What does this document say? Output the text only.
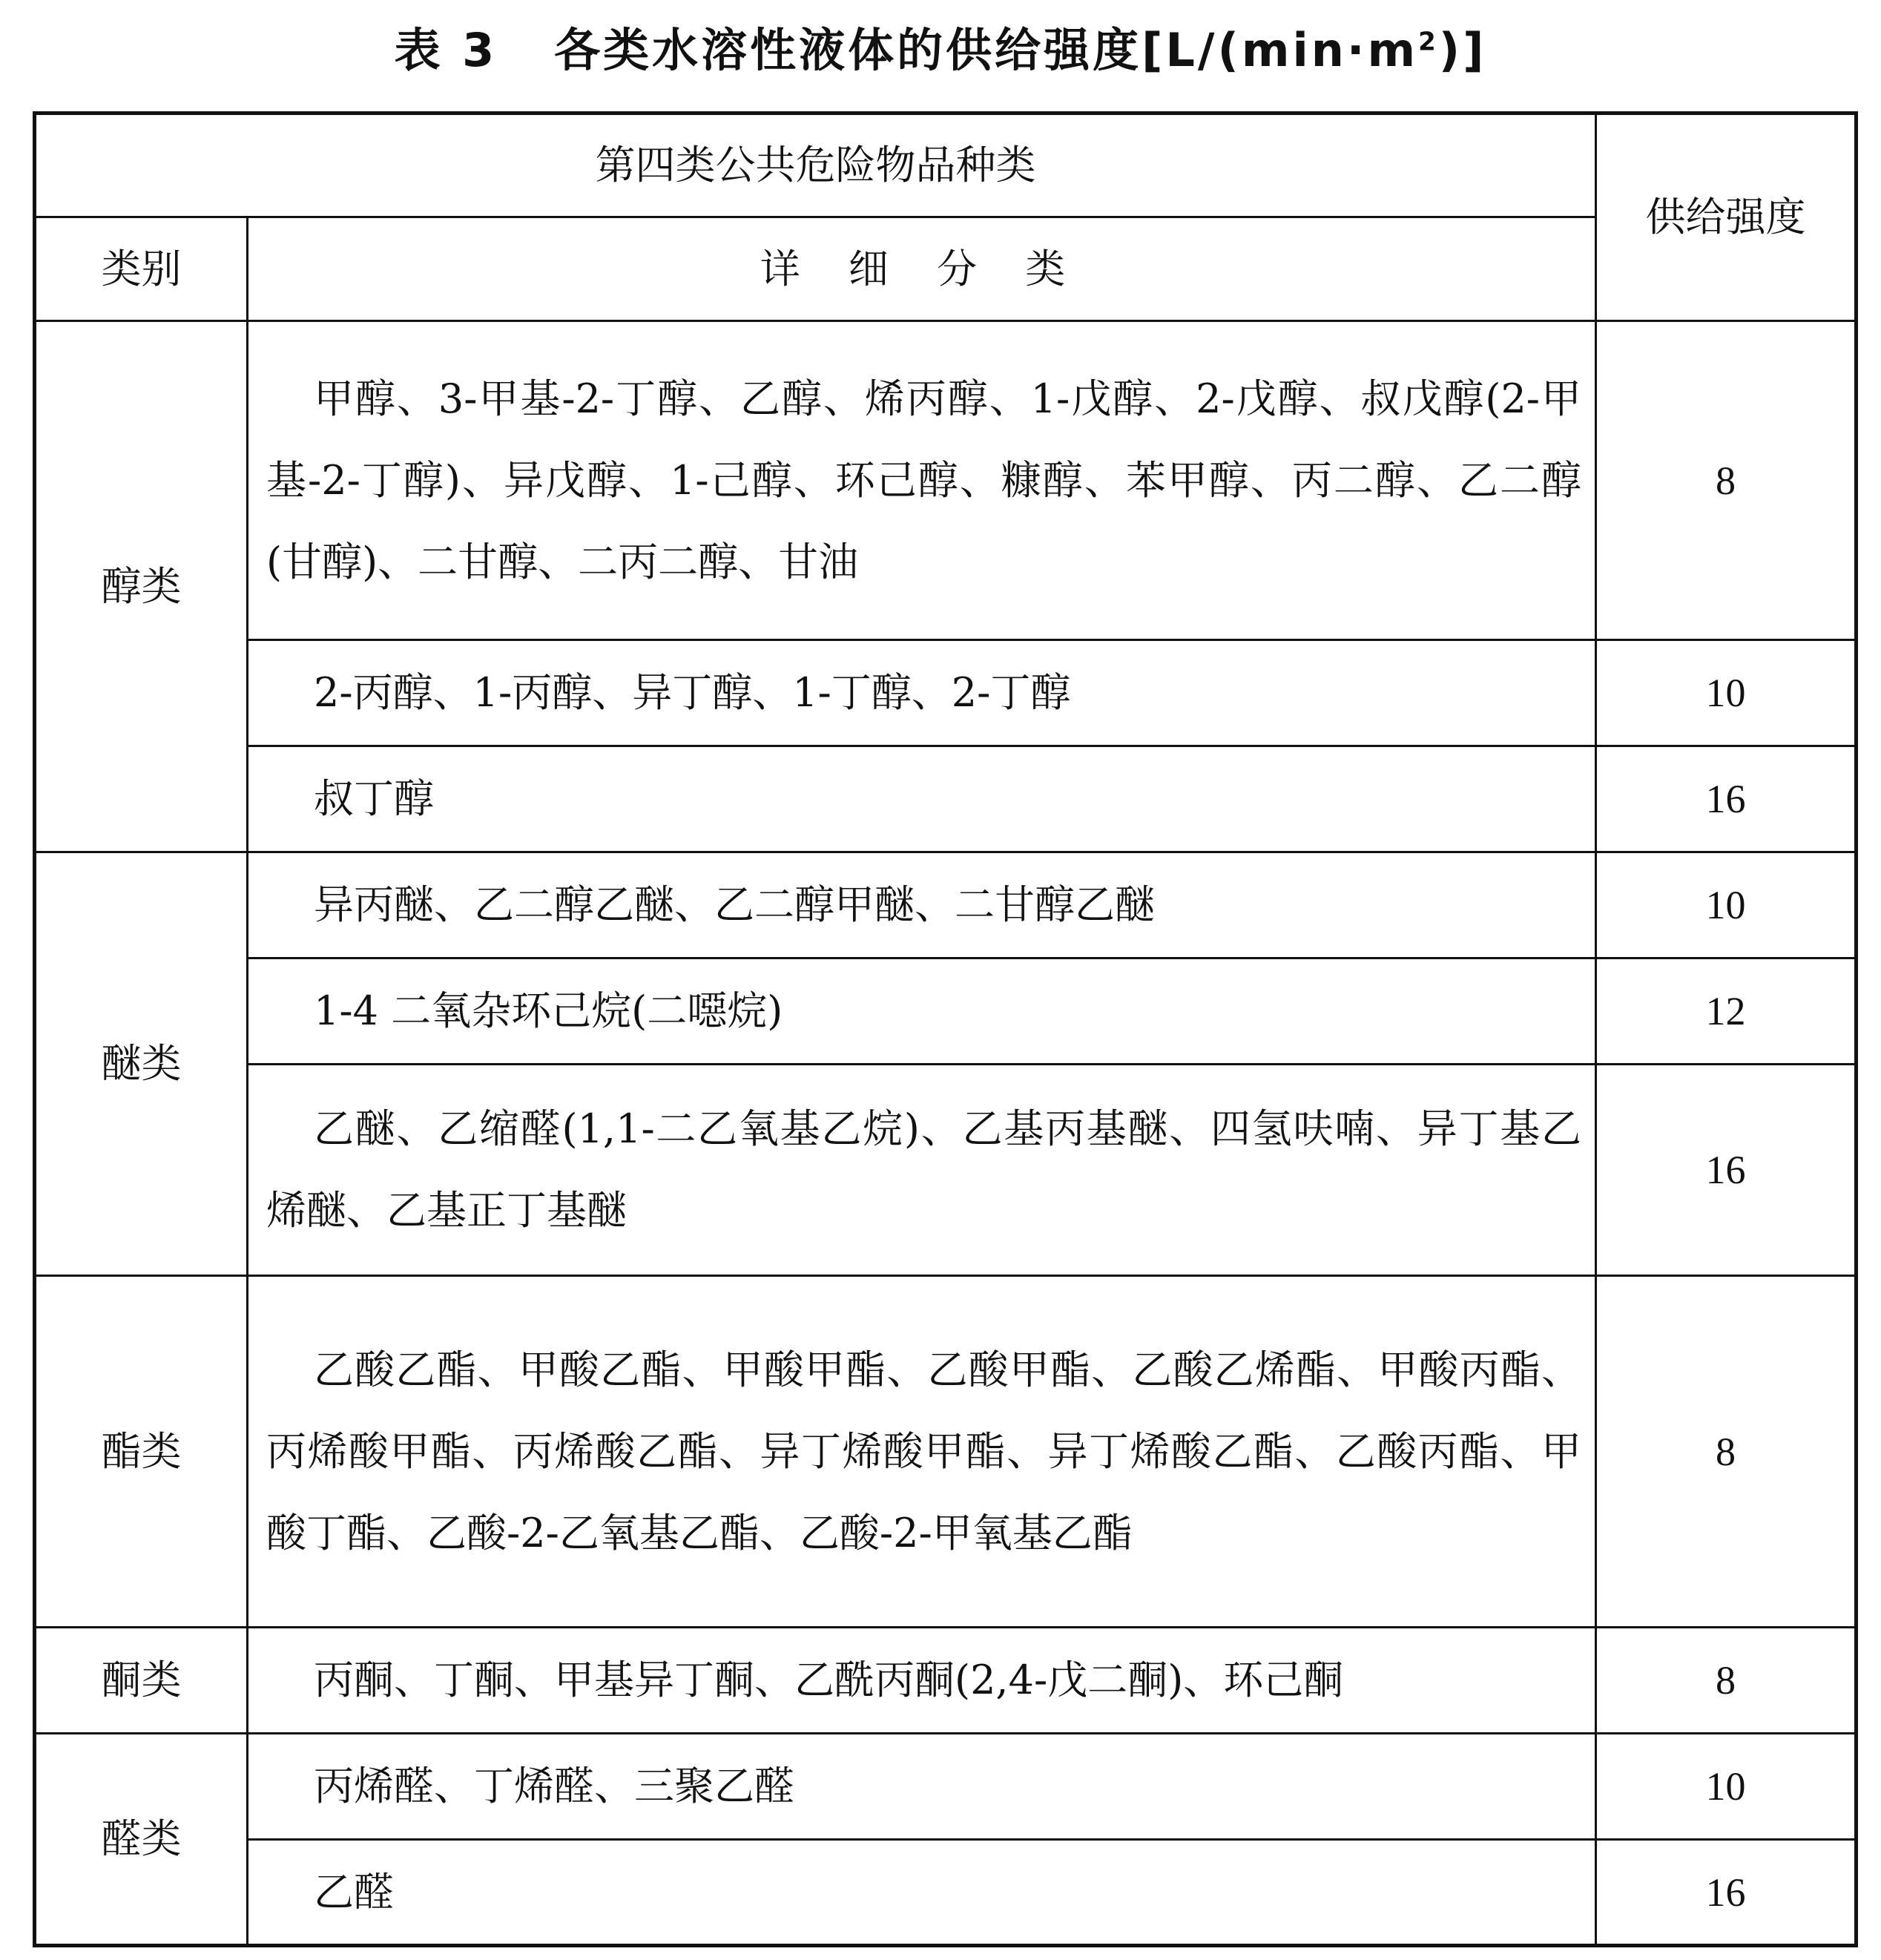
表 3 各类水溶性液体的供给强度$[L/(\min\cdot m^2)]$
第四类公共危险物品种类		供给强度
类别	详 细 分 类	
醇类	甲醇、3-甲基-2-丁醇、乙醇、烯丙醇、1-戊醇、2-戊醇、叔戊醇(2-甲基-2-丁醇)、异戊醇、1-己醇、环己醇、糠醇、苯甲醇、丙二醇、乙二醇(甘醇)、二甘醇、二丙二醇、甘油	8

	2-丙醇、1-丙醇、异丁醇、1-丁醇、2-丁醇	10

	叔丁醇	16
醚类	异丙醚、乙二醇乙醚、乙二醇甲醚、二甘醇乙醚	10

	1-4 二氧杂环己烷(二噁烷)	12

	乙醚、乙缩醛(1,1-二乙氧基乙烷)、乙基丙基醚、四氢呋喃、异丁基乙烯醚、乙基正丁基醚	16
酯类	乙酸乙酯、甲酸乙酯、甲酸甲酯、乙酸甲酯、乙酸乙烯酯、甲酸丙酯、丙烯酸甲酯、丙烯酸乙酯、异丁烯酸甲酯、异丁烯酸乙酯、乙酸丙酯、甲酸丁酯、乙酸-2-乙氧基乙酯、乙酸-2-甲氧基乙酯	8
酮类	丙酮、丁酮、甲基异丁酮、乙酰丙酮(2,4-戊二酮)、环己酮	8
醛类	丙烯醛、丁烯醛、三聚乙醛	10

	乙醛	16
